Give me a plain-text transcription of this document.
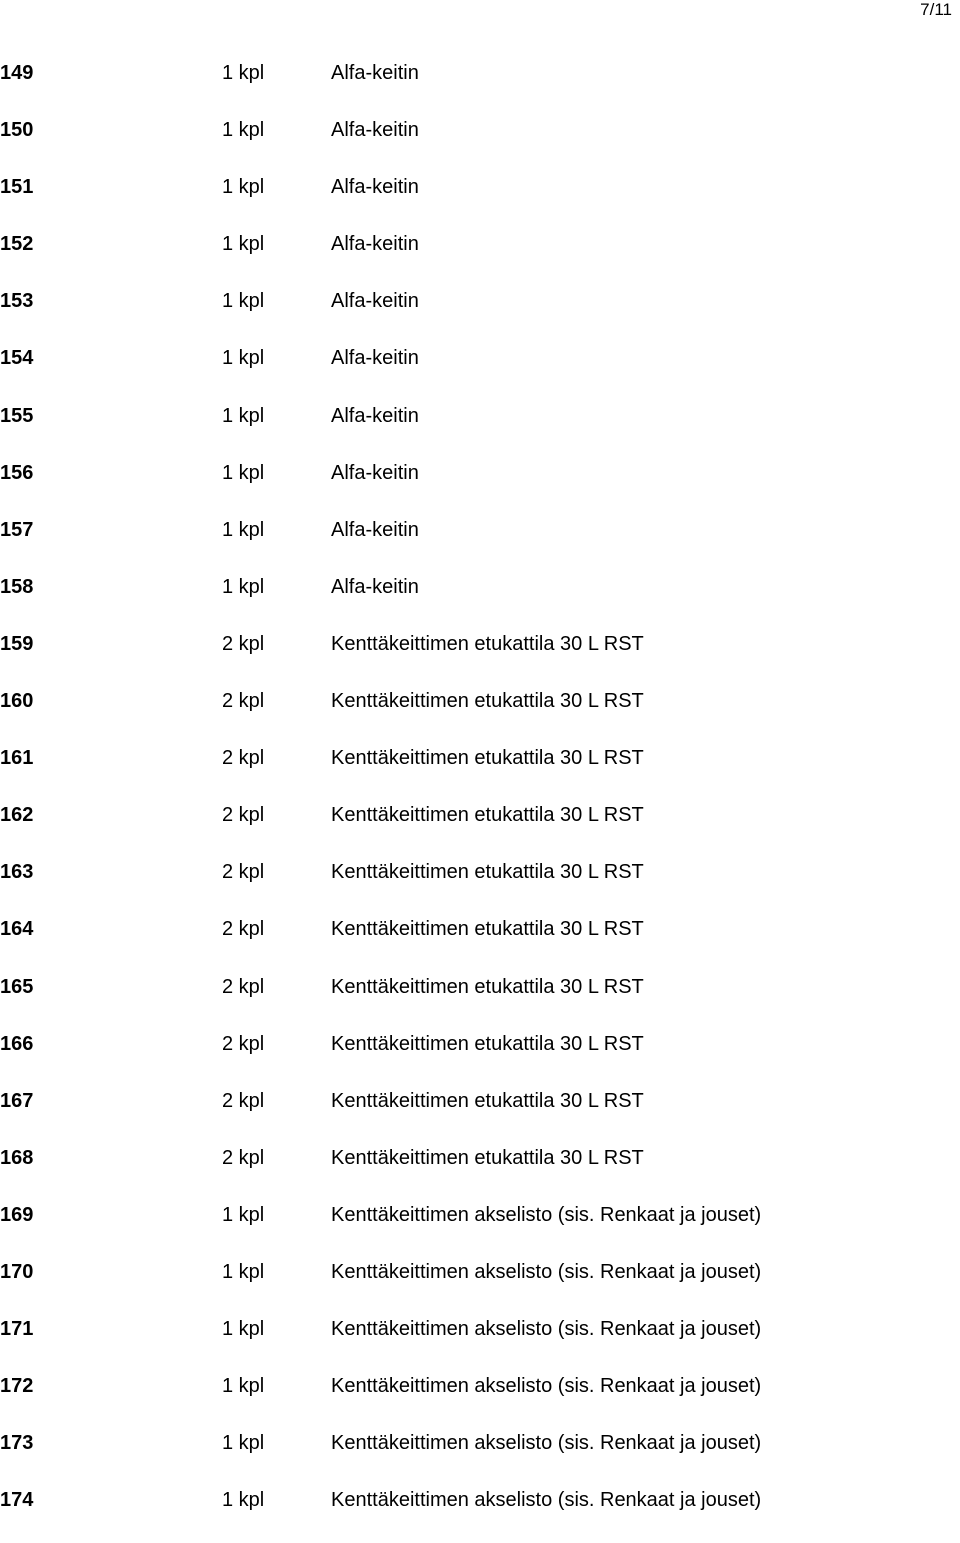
7/11
149	1 kpl	Alfa-keitin
150	1 kpl	Alfa-keitin
151	1 kpl	Alfa-keitin
152	1 kpl	Alfa-keitin
153	1 kpl	Alfa-keitin
154	1 kpl	Alfa-keitin
155	1 kpl	Alfa-keitin
156	1 kpl	Alfa-keitin
157	1 kpl	Alfa-keitin
158	1 kpl	Alfa-keitin
159	2 kpl	Kenttäkeittimen etukattila 30 L RST
160	2 kpl	Kenttäkeittimen etukattila 30 L RST
161	2 kpl	Kenttäkeittimen etukattila 30 L RST
162	2 kpl	Kenttäkeittimen etukattila 30 L RST
163	2 kpl	Kenttäkeittimen etukattila 30 L RST
164	2 kpl	Kenttäkeittimen etukattila 30 L RST
165	2 kpl	Kenttäkeittimen etukattila 30 L RST
166	2 kpl	Kenttäkeittimen etukattila 30 L RST
167	2 kpl	Kenttäkeittimen etukattila 30 L RST
168	2 kpl	Kenttäkeittimen etukattila 30 L RST
169	1 kpl	Kenttäkeittimen akselisto (sis. Renkaat ja jouset)
170	1 kpl	Kenttäkeittimen akselisto (sis. Renkaat ja jouset)
171	1 kpl	Kenttäkeittimen akselisto (sis. Renkaat ja jouset)
172	1 kpl	Kenttäkeittimen akselisto (sis. Renkaat ja jouset)
173	1 kpl	Kenttäkeittimen akselisto (sis. Renkaat ja jouset)
174	1 kpl	Kenttäkeittimen akselisto (sis. Renkaat ja jouset)
